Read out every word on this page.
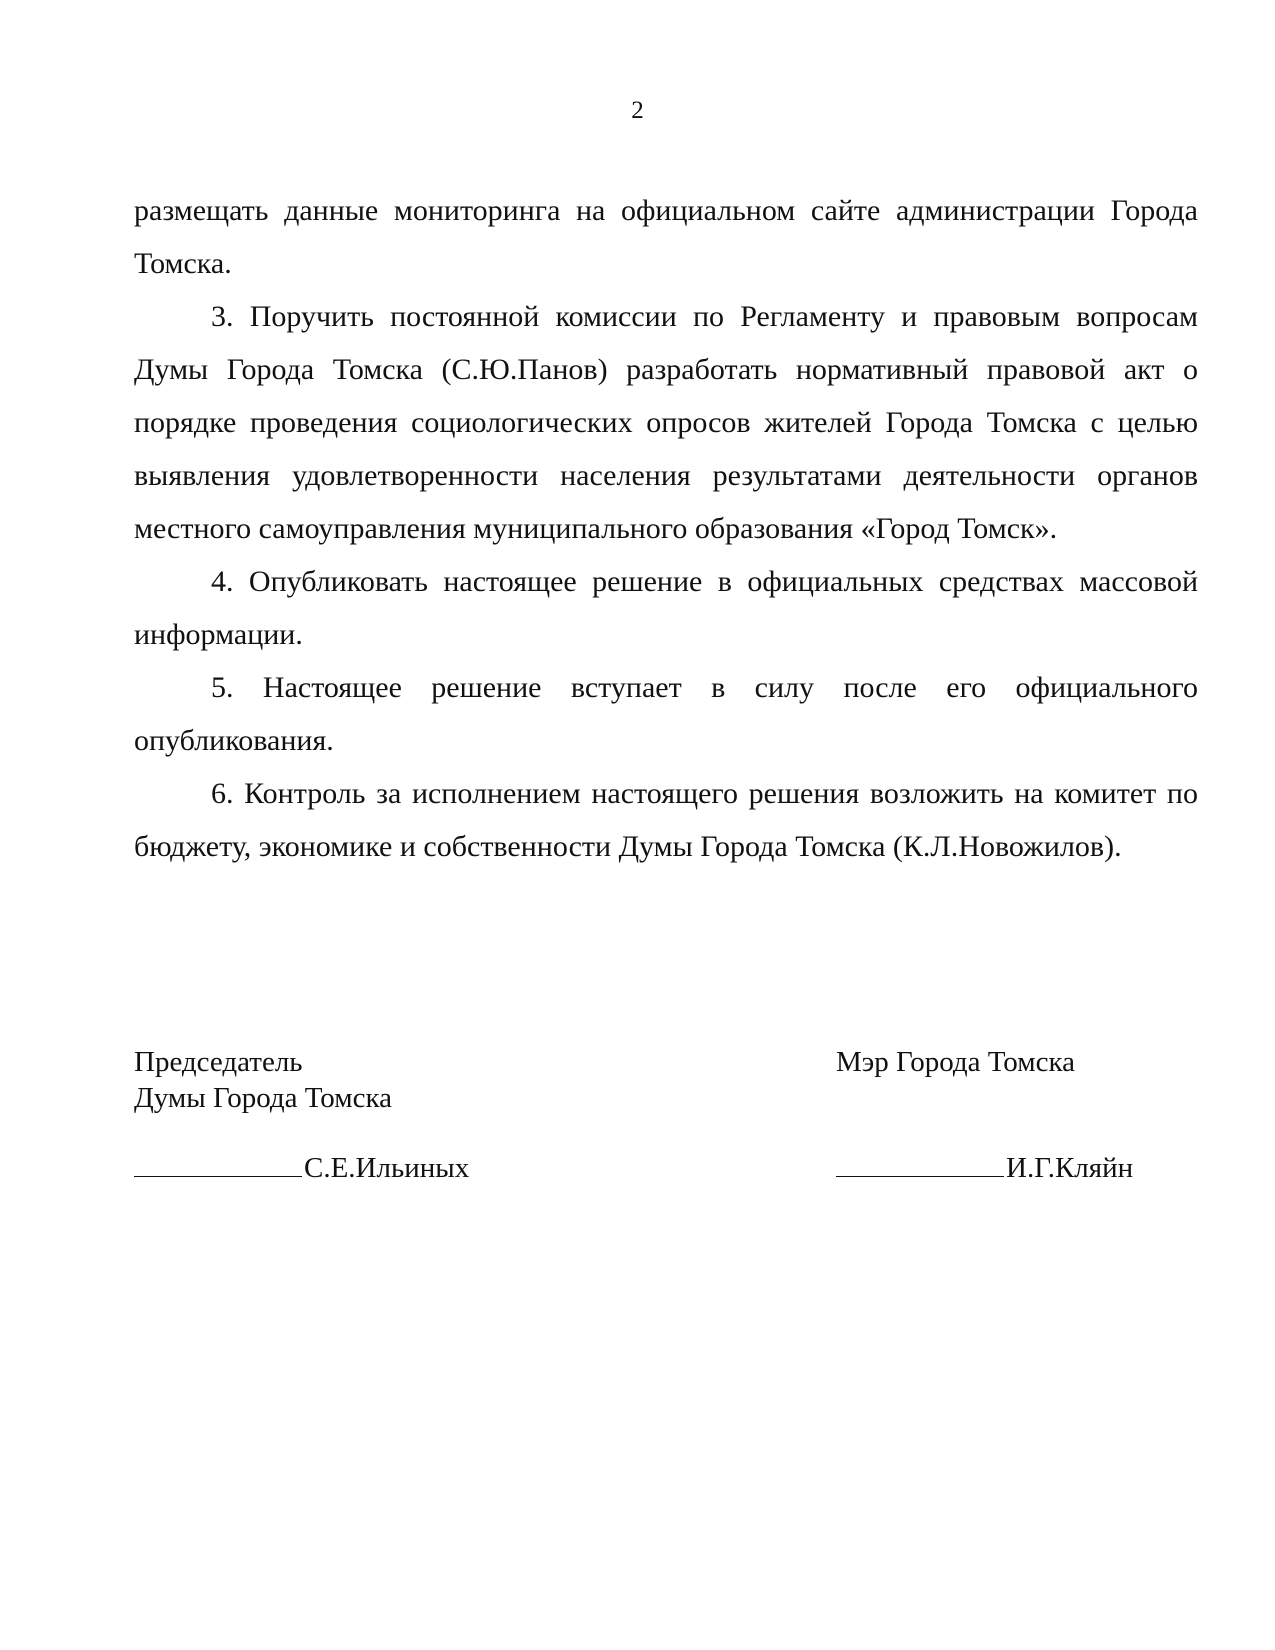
2

размещать данные мониторинга на официальном сайте администрации Города Томска.

3. Поручить постоянной комиссии по Регламенту и правовым вопросам Думы Города Томска (С.Ю.Панов) разработать нормативный правовой акт о порядке проведения социологических опросов жителей Города Томска с целью выявления удовлетворенности населения результатами деятельности органов местного самоуправления муниципального образования «Город Томск».

4. Опубликовать настоящее решение в официальных средствах массовой информации.

5. Настоящее решение вступает в силу после его официального опубликования.

6. Контроль за исполнением настоящего решения возложить на комитет по бюджету, экономике и собственности Думы Города Томска (К.Л.Новожилов).

Председатель
Думы Города Томска
Мэр Города Томска
С.Е.Ильиных	И.Г.Кляйн
